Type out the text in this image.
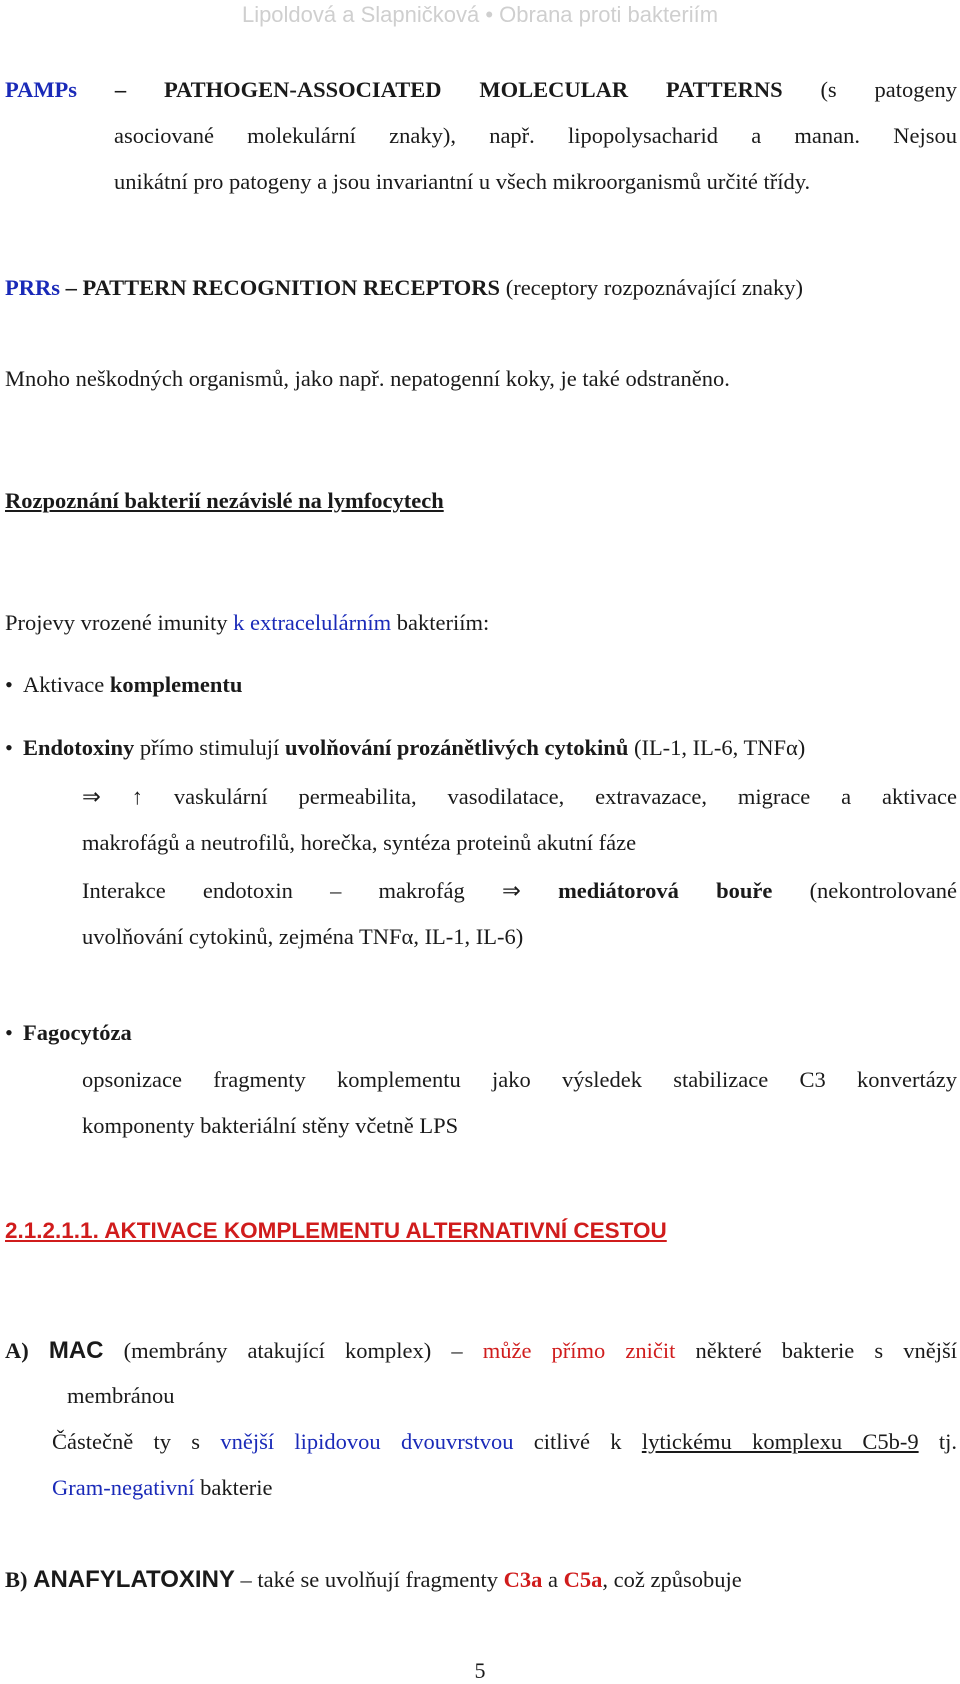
Lipoldová a Slapničková • Obrana proti bakteriím
PAMPs – PATHOGEN-ASSOCIATED MOLECULAR PATTERNS (s patogeny
asociované molekulární znaky), např. lipopolysacharid a manan. Nejsou
unikátní pro patogeny a jsou invariantní u všech mikroorganismů určité třídy.
PRRs – PATTERN RECOGNITION RECEPTORS (receptory rozpoznávající znaky)
Mnoho neškodných organismů, jako např. nepatogenní koky, je také odstraněno.
Rozpoznání bakterií nezávislé na lymfocytech
Projevy vrozené imunity k extracelulárním bakteriím:
• Aktivace komplementu
• Endotoxiny přímo stimulují uvolňování prozánětlivých cytokinů (IL-1, IL-6, TNFα)
⇒ ↑ vaskulární permeabilita, vasodilatace, extravazace, migrace a aktivace
makrofágů a neutrofilů, horečka, syntéza proteinů akutní fáze
Interakce endotoxin – makrofág ⇒ mediátorová bouře (nekontrolované
uvolňování cytokinů, zejména TNFα, IL-1, IL-6)
• Fagocytóza
opsonizace fragmenty komplementu jako výsledek stabilizace C3 konvertázy
komponenty bakteriální stěny včetně LPS
2.1.2.1.1. AKTIVACE KOMPLEMENTU ALTERNATIVNÍ CESTOU
A) MAC (membrány atakující komplex) – může přímo zničit některé bakterie s vnější
membránou
Částečně ty s vnější lipidovou dvouvrstvou citlivé k lytickému komplexu C5b-9 tj.
Gram-negativní bakterie
B) ANAFYLATOXINY – také se uvolňují fragmenty C3a a C5a, což způsobuje
5
